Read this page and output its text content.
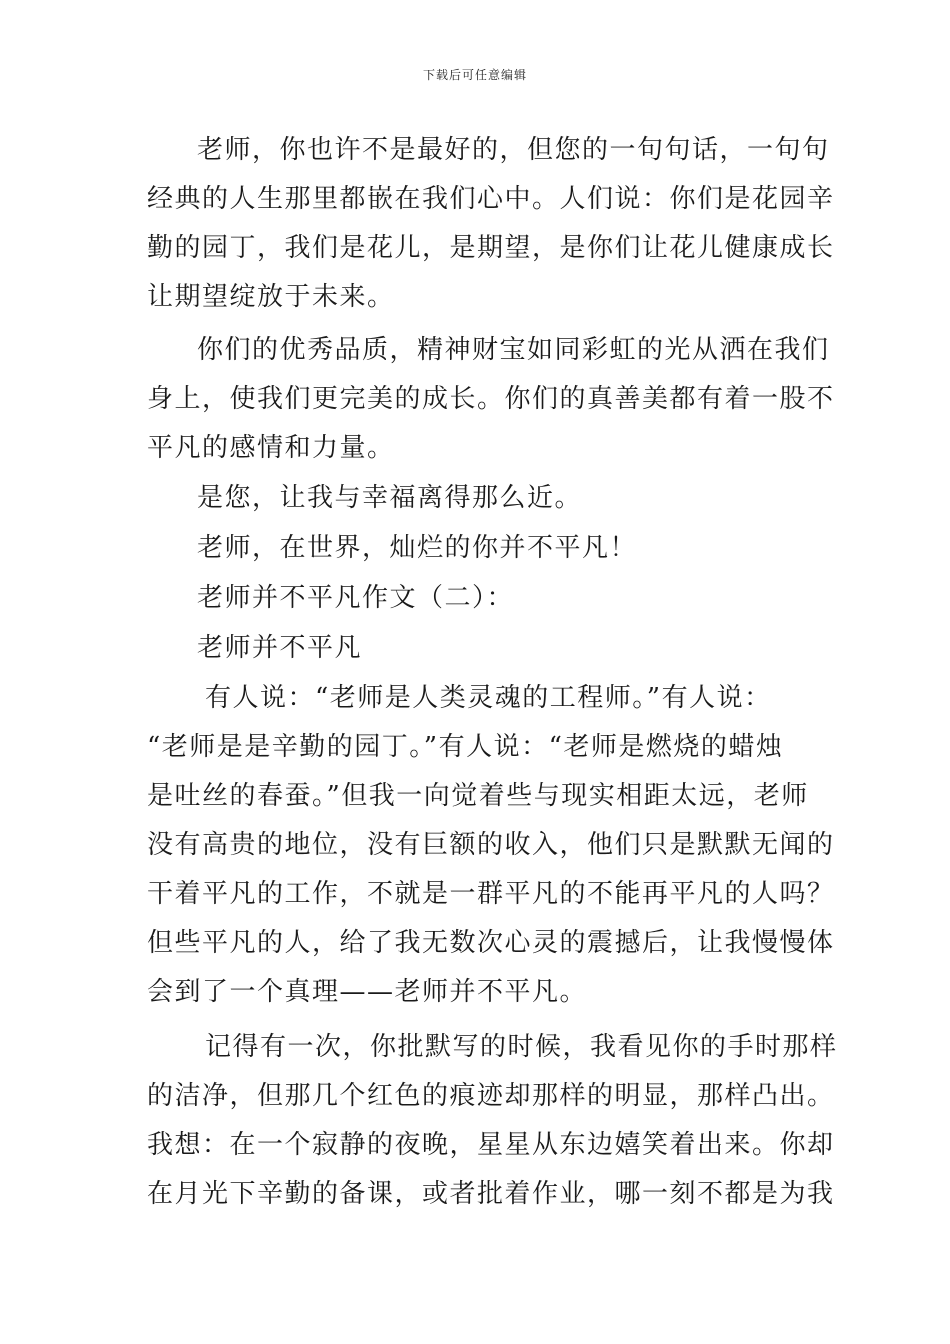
下载后可任意编辑
老师，你也许不是最好的，但您的一句句话，一句句
经典的人生那里都嵌在我们心中。人们说：你们是花园辛
勤的园丁，我们是花儿，是期望，是你们让花儿健康成长
让期望绽放于未来。
你们的优秀品质，精神财宝如同彩虹的光从洒在我们
身上，使我们更完美的成长。你们的真善美都有着一股不
平凡的感情和力量。
是您，让我与幸福离得那么近。
老师，在世界，灿烂的你并不平凡！
老师并不平凡作文（二）：
老师并不平凡
有人说：“老师是人类灵魂的工程师。”有人说：
“老师是是辛勤的园丁。”有人说：“老师是燃烧的蜡烛
是吐丝的春蚕。”但我一向觉着些与现实相距太远，老师
没有高贵的地位，没有巨额的收入，他们只是默默无闻的
干着平凡的工作，不就是一群平凡的不能再平凡的人吗？
但些平凡的人，给了我无数次心灵的震撼后，让我慢慢体
会到了一个真理——老师并不平凡。
记得有一次，你批默写的时候，我看见你的手时那样
的洁净，但那几个红色的痕迹却那样的明显，那样凸出。
我想：在一个寂静的夜晚，星星从东边嬉笑着出来。你却
在月光下辛勤的备课，或者批着作业，哪一刻不都是为我
